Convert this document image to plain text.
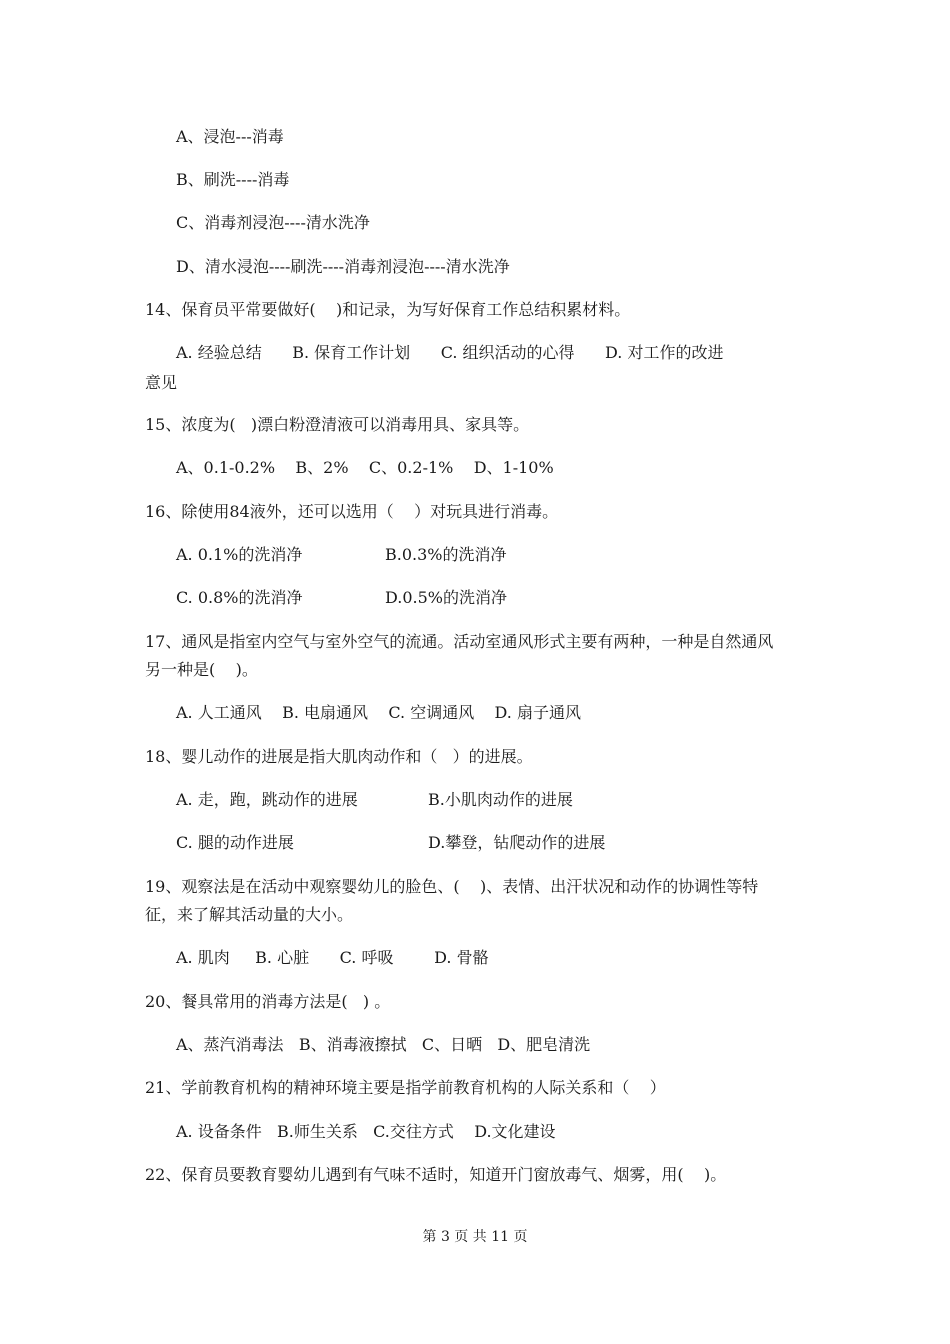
A、浸泡---消毒
B、刷洗----消毒
C、消毒剂浸泡----清水洗净
D、清水浸泡----刷洗----消毒剂浸泡----清水洗净
14、保育员平常要做好(    )和记录，为写好保育工作总结积累材料。
A. 经验总结      B. 保育工作计划      C. 组织活动的心得      D. 对工作的改进
意见
15、浓度为(   )漂白粉澄清液可以消毒用具、家具等。
A、0.1-0.2%    B、2%    C、0.2-1%    D、1-10%
16、除使用84液外，还可以选用（    ）对玩具进行消毒。
A. 0.1%的洗消净	B.0.3%的洗消净
C. 0.8%的洗消净	D.0.5%的洗消净
17、通风是指室内空气与室外空气的流通。活动室通风形式主要有两种，一种是自然通风
另一种是(    )。
A. 人工通风    B. 电扇通风    C. 空调通风    D. 扇子通风
18、婴儿动作的进展是指大肌肉动作和（   ）的进展。
A. 走，跑，跳动作的进展	B.小肌肉动作的进展
C. 腿的动作进展	D.攀登，钻爬动作的进展
19、观察法是在活动中观察婴幼儿的脸色、(    )、表情、出汗状况和动作的协调性等特
征，来了解其活动量的大小。
A. 肌肉     B. 心脏      C. 呼吸        D. 骨骼
20、餐具常用的消毒方法是(   ) 。
A、蒸汽消毒法   B、消毒液擦拭   C、日晒   D、肥皂清洗
21、学前教育机构的精神环境主要是指学前教育机构的人际关系和（    ）
A. 设备条件   B.师生关系   C.交往方式    D.文化建设
22、保育员要教育婴幼儿遇到有气味不适时，知道开门窗放毒气、烟雾，用(    )。
第 3 页 共 11 页
